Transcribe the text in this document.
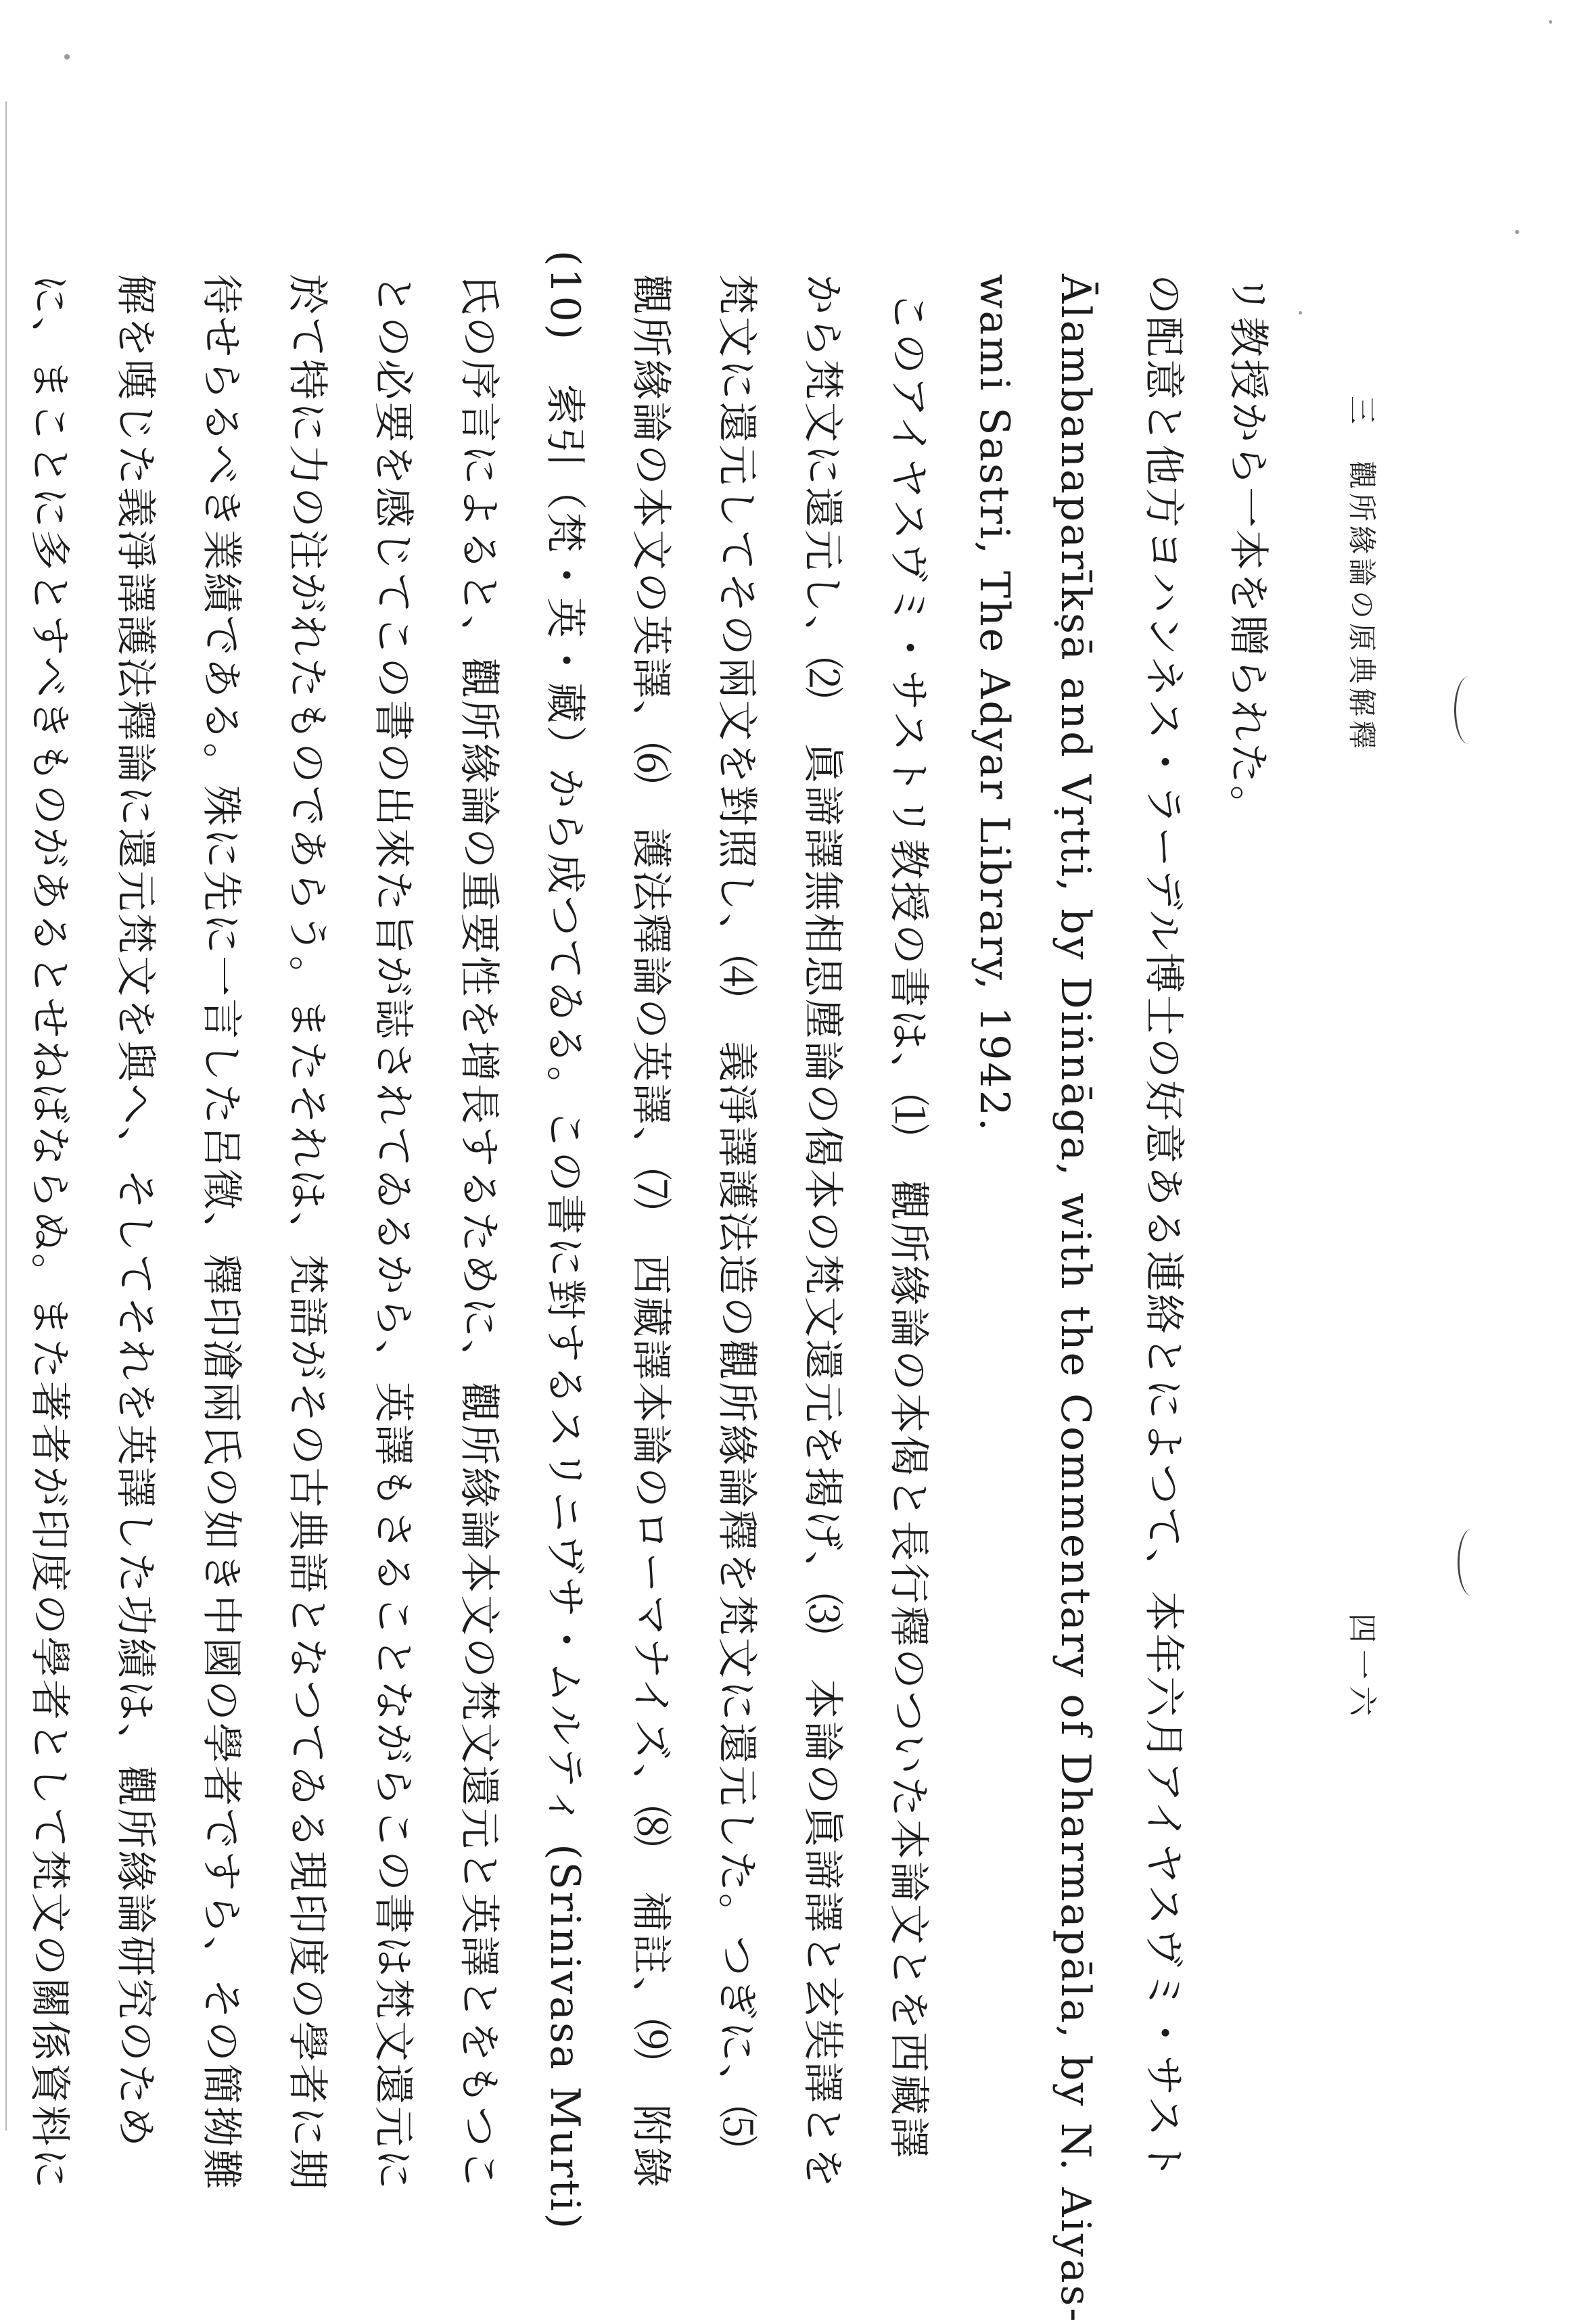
三　觀所緣論の原典解釋
四一六
リ教授から一本を贈られた。
の配意と他方ヨハンネス・ラーデル博士の好意ある連絡とによつて、本年六月アイヤスヴミ・サスト
Ālambanaparīkṣā and Vṛtti, by Diṅnāga, with the Commentary of Dharmapāla, by N. Aiyas-
wami Sastri, The Adyar Library, 1942.
このアイヤスヴミ・サストリ教授の書は、⑴　觀所緣論の本偈と長行釋のついた本論文とを西藏譯
から梵文に還元し、⑵　眞諦譯無相思塵論の偈本の梵文還元を揭げ、⑶　本論の眞諦譯と玄奘譯とを
梵文に還元してその兩文を對照し、⑷　義淨譯護法造の觀所緣論釋を梵文に還元した。つぎに、⑸
觀所緣論の本文の英譯、⑹　護法釋論の英譯、⑺　西藏譯本論のローマナイズ、⑻　補註、⑼　附錄
(10)　索引（梵・英・藏）から成つてゐる。この書に對するスリニヴサ・ムルティ (Srinivasa Murti)
氏の序言によると、觀所緣論の重要性を增長するために、觀所緣論本文の梵文還元と英譯とをもつこ
との必要を感じてこの書の出來た旨が誌されてゐるから、英譯もさることながらこの書は梵文還元に
於て特に力の注がれたものであらう。またそれは、梵語がその古典語となつてゐる現印度の學者に期
待せらるべき業績である。殊に先に一言した呂徵、釋印滄兩氏の如き中國の學者ですら、その簡拗難
解を嘆じた義淨譯護法釋論に還元梵文を與へ、そしてそれを英譯した功績は、觀所緣論研究のため
に、まことに多とすべきものがあるとせねばならぬ。また著者が印度の學者として梵文の關係資料に
